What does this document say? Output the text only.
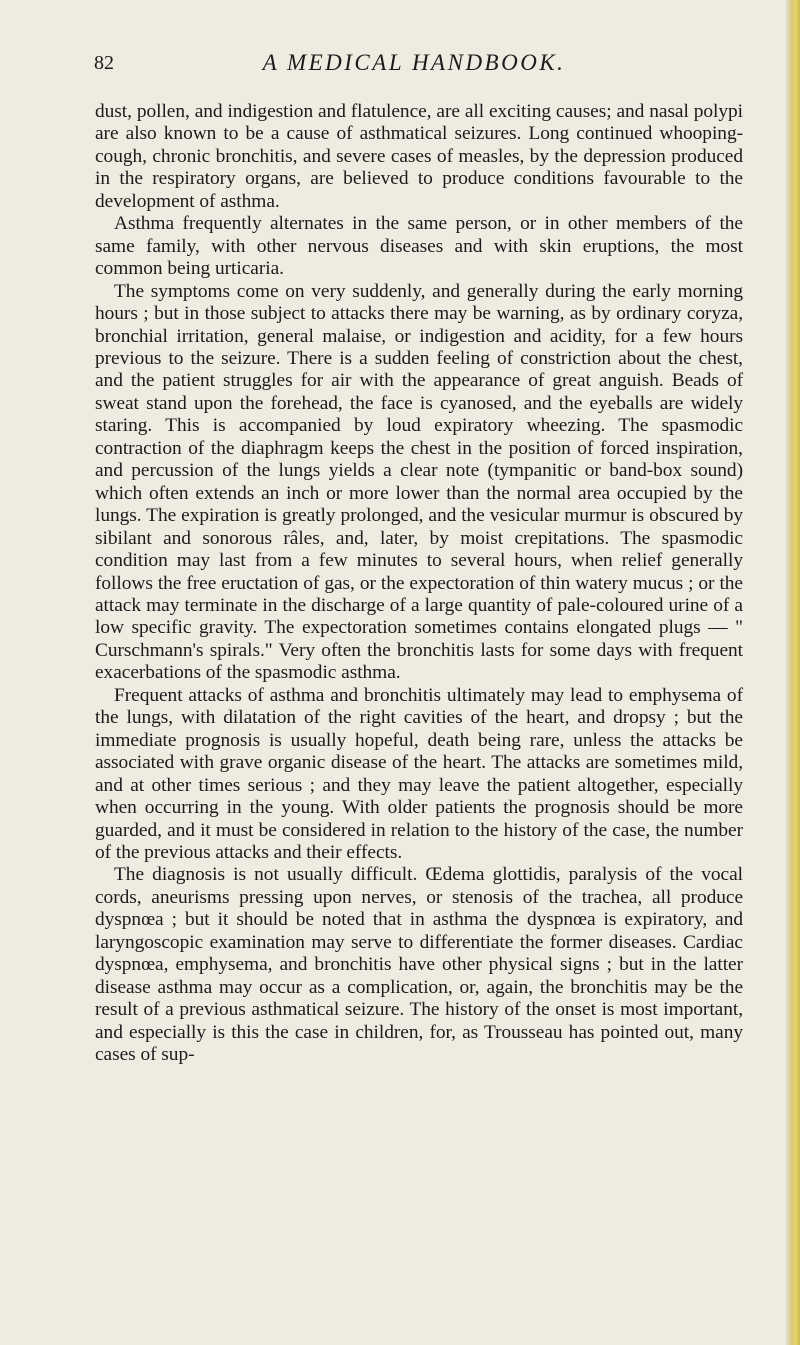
82	A MEDICAL HANDBOOK.

dust, pollen, and indigestion and flatulence, are all exciting causes; and nasal polypi are also known to be a cause of asthmatical seizures. Long continued whooping-cough, chronic bronchitis, and severe cases of measles, by the depression produced in the respiratory organs, are believed to produce conditions favourable to the development of asthma.

Asthma frequently alternates in the same person, or in other members of the same family, with other nervous diseases and with skin eruptions, the most common being urticaria.

The symptoms come on very suddenly, and generally during the early morning hours ; but in those subject to attacks there may be warning, as by ordinary coryza, bronchial irritation, general malaise, or indigestion and acidity, for a few hours previous to the seizure. There is a sudden feeling of constriction about the chest, and the patient struggles for air with the appearance of great anguish. Beads of sweat stand upon the forehead, the face is cyanosed, and the eyeballs are widely staring. This is accompanied by loud expiratory wheezing. The spasmodic contraction of the diaphragm keeps the chest in the position of forced inspiration, and percussion of the lungs yields a clear note (tympanitic or band-box sound) which often extends an inch or more lower than the normal area occupied by the lungs. The expiration is greatly prolonged, and the vesicular murmur is obscured by sibilant and sonorous râles, and, later, by moist crepitations. The spasmodic condition may last from a few minutes to several hours, when relief generally follows the free eructation of gas, or the expectoration of thin watery mucus ; or the attack may terminate in the discharge of a large quantity of pale-coloured urine of a low specific gravity. The expectoration sometimes contains elongated plugs — " Curschmann's spirals." Very often the bronchitis lasts for some days with frequent exacerbations of the spasmodic asthma.

Frequent attacks of asthma and bronchitis ultimately may lead to emphysema of the lungs, with dilatation of the right cavities of the heart, and dropsy ; but the immediate prognosis is usually hopeful, death being rare, unless the attacks be associated with grave organic disease of the heart. The attacks are sometimes mild, and at other times serious ; and they may leave the patient altogether, especially when occurring in the young. With older patients the prognosis should be more guarded, and it must be considered in relation to the history of the case, the number of the previous attacks and their effects.

The diagnosis is not usually difficult. Œdema glottidis, paralysis of the vocal cords, aneurisms pressing upon nerves, or stenosis of the trachea, all produce dyspnœa ; but it should be noted that in asthma the dyspnœa is expiratory, and laryngoscopic examination may serve to differentiate the former diseases. Cardiac dyspnœa, emphysema, and bronchitis have other physical signs ; but in the latter disease asthma may occur as a complication, or, again, the bronchitis may be the result of a previous asthmatical seizure. The history of the onset is most important, and especially is this the case in children, for, as Trousseau has pointed out, many cases of sup-
